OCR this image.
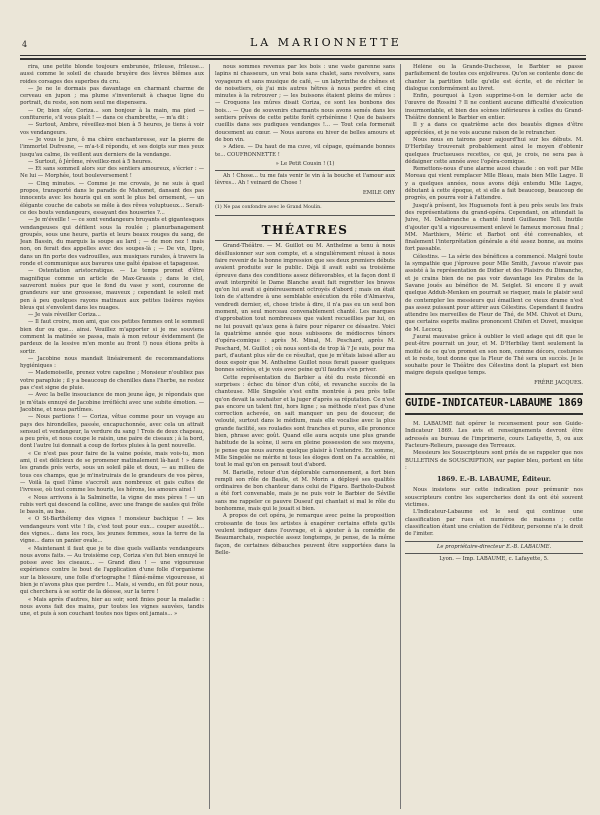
4	LA MARIONNETTE

rira, une petite blonde toujours embrunée, frileuse, frileuse... aussi comme le soleil de chaude bruyère des lèvres blêmes aux roides corsages des superbes du cru.

— Je ne le dormais pas davantage en charmant charme de cerveau en jupon ; ma plume s'inventerait à chaque ligne du portrait, du reste, son nom seul me dispensera.

— Or, bien sûr, Coriza... son bonjour à la main, ma pied — confiturerie, s'il vous plaît ! — dans ce chambrette, — m'a dit :

— Surtout, Ambre, réveillez-moi bien à 5 heures, je tiens à voir vos vendangeurs.

— Je vous le jure, ô ma chère enchanteresse, sur la pierre de l'immortel Dufresne, — m'a-t-il répondu, et ses doigts sur mes yeux jusqu'au calme, ils veillent aux derniers de la vendange.

— Surtout, ô Jérôme, réveillez-moi à 5 heures.

— Et sans sommeil alors sur des sentiers amoureux, s'écrier : — Ne lui — Morphée, tout bouleversement !

— Cinq minutes. — Comme je me crovais, je ne suis à quel propos, transporté dans le paradis de Mahomet, dansant des pas innocents avec les houris qui en sont le plus bel ornement, — un élégante couche de cabots se mêle à des rêves voluptueux... Serait-ce des bouts vendangeurs, essayant des houseries ?...

— Je m'éveille ! — ce sont vendangeurs bruyants et gigantesques vendangeuses qui défilent sous la roulée ; planurbanagement groupés, sous une heure, partis et leurs beaux rouges du sang, de Jean Bassin, du marquis la soupe au lard ; — de mon nez ! mais non, on ferait des appelles avec des soupes-là ; — De vin, Ilpre, dans un fin porte des vadrouilles, aux musiques rurales, à travers la ronde et communique aux bavures une gaîté épaisse et tapageuse.

— Ostentation aristocratique. — Le temps promet d'être magnifique comme un article de Max-Grassis ; dans le ciel, sauveront nuées pur que le fond du vase y sont, couronne de grandeurs sur une grossesse, mauveux ; cependant le soleil met pen à peu quelques rayons matinaux aux petites lisières rayées bleus qui s'envolent dans les nuages.

— Je vais réveiller Coriza...

— Il faut croire, mon ami, que ces petites femmes ont le sommeil bien dur ou que... ainsi. Veuillez m'apporter si je me souviens comment la matinée se passa, mais à mon retour évidemment (le pardeux de la lessive m'en monte au front !) nous étions prêts à sortir.

— Jacobine nous mandait linéairement de recommandations hygiéniques :

— Mademoiselle, prenez votre capeline ; Monsieur n'oubliez pas votre parapluie ; il y a beaucoup de chenilles dans l'herbe, ne restez pas c'est signe de pluie.

— Avec la belle insouciance de mon jeune âge, je répondais que je m'étais ennuyé de Jacobine irréfléchi avec une subite émotion. — Jacobine, et nous partîmes.

— Nous partions ! — Coriza, vêtue comme pour un voyage au pays des hirondelles, passée, encapuchonnée, avec cela un attrait sensuel et vendangeur, la verdure du sang ! Trois de deux chapeau, a peu près, et nous coupe le raisin, une paire de ciseaux ; à la bord, dont l'autre lui donnait a coup de fortes pluies à la gent nouvelle.

« Ce n'est pas pour faire de la vaine poésie, mais vois-tu, mon ami, il est délicieux de se promener matinalement là-haut ! » dans les grands prés verts, sous un soleil pâle et doux, — au milieu de tous ces champs, que je m'instruirais de le grandeurs de vos pères, — Voilà la quel l'âme s'accroît aux nombreux et gais cultes de l'ivresse, où tout comme les houris, les hérons, les amours ainsi !

« Nous arrivons à la Salminette, la vigne de mes pères ! — un rubis vert qui descend la colline, avec une frange de saules qui frôle le bassin, au bas.

« O St-Barthélemy des vignes ! monsieur bachique ! — les vendangeurs vont vite ! ils, c'est tout pour eux... couper aussitôt... des vignes... dans les rocs, les jeunes femmes, sous la terre de la vigne... dans un panier ovale...

« Maintenant il faut que je te dise quels vaillants vendangeurs nous avons faits. — Au troisième cep, Coriza s'en fut bien ennuyé le poisse avec les ciseaux... — Grand dieu ! — une vigoureuse expérience contre le bout de l'application d'une folle d'organisme sur la blessure, une folle d'ortographe ! flâné-même vigoureuse, si bien je n'avons plus que perdre !... Mais, si vendu, en fût pour nous, qui cherchera à se sortir de la déesse, sur la terre !

« Mais après d'autres, hier au soir, sont finies pour la maladie : nous avons fait des mains, pur toutes les vignes sauvées, tandis une, et puis à son couchant toutes nos tiges ont jamais... »

nous sommes revenus par les bois : une vaste garenne sans lapins ni chasseurs, un vrai bois sans chalet, sans revolvers, sans voyageurs et sans musique de café, — un labyrinthe de chênes et de noisetiers, où j'ai mis autres hêtres à nous perdre et cinq minutes à la retrouver ; — les buissons étaient pleins de mûres : — Croquons les mûres disait Coriza, ce sont les bonbons des bois... — Que de souvenirs charmants nous avons semés dans les sentiers prêves de cette petite forêt cyrhérénne ! Que de baisers cueillis dans ses pudiques vendanges !... — Tout cela formerait doucement au cœur. — Nous aurons eu hiver de belles amours et de bon vin.

» Adieu. — Du haut de ma cuve, vil cépage, quémande bonnes te... COUFRONNETTE !

» Le Petit Cousin ! (1)

Ah ! Chose... tu me fais venir le vin à la bouche et l'amour aux lèvres... Ah ! veinard de Chose !

EMILE ORY
(1) Ne pas confondre avec le Grand Moulin.
THÉATRES

Grand-Théâtre. — M. Guillot ou M. Anthelme a tenu à nous désillusionner sur son compte, et a singulièrement réussi à nous faire revenir de la bonne impression que ses deux premiers débuts avaient produite sur le public. Déjà il avait subi sa troisième épreuve dans des conditions assez défavorables, et la façon dont il avait interprété le Dame Blanche avait fait regretter les bravos qu'on lui avait si généreusement octroyés d'abord ; mais on était loin de s'attendre à une semblable exécution du rôle d'Almaviva, vendredi dernier, et, chose triste à dire, il n'a pas eu un seul bon moment, un seul morceau convenablement chanté. Les marques d'approbation tout nombreuses que valent recueillies par lui, on ne lui pouvait qu'aux gens à faire pour réparer ce désastre. Voici la quatrième année que nous subissons de médiocres ténors d'opéra-comique : après M. Minal, M. Peschard, après M. Peschard, M. Guillot ; où nous sont-ils de trop là ? Je suis, pour ma part, d'autant plus sûr de ce résultat, que je m'étais laissé aller au doux espoir que M. Anthelme Guillot nous ferait passer quelques bonnes soirées, et je vois avec peine qu'il faudra s'en priver.

Cette représentation du Barbier a été du reste fécondé en surprises : échec du ténor d'un côté, et revanche succès de la chanteuse. Mlle Singelée s'est enfin montrée à peu près telle qu'on devait la souhaiter et la juger d'après sa réputation. Ce n'est pas encore un talent fini, hors ligne ; sa méthode n'est pas d'une correction achevée, on sait manquer un peu de douceur, de velouté, surtout dans le médium, mais elle vocalise avec la plus grande facilité, ses roulades sont franches et pures, elle prononce bien, phrase avec goût. Quand elle aura acquis une plus grande habitude de la scène, il sera en pleine possession de ses moyens, je pense que nous aurons quelque plaisir à l'entendre. En somme, Mlle Singelée ne mérite ni tous les éloges dont on l'a accablée, ni tout le mal qu'on en pensait tout d'abord.

M. Barielle, retour d'un déplorable carnonnement, a fort bien rempli son rôle de Basile, et M. Morin a déployé ses qualités ordinaires de bon chanteur dans celui de Figaro. Bartholo-Dubost a été fort convenable, mais je ne puis voir le Barbier de Séville sans me rappeler ce pauvre Duseuf qui chantait si mal le rôle du bonhomme, mais qui le jouait si bien.

A propos de cet opéra, je remarque avec peine la proposition croissante de tous les artistes à exagérer certains effets qu'ils veulent indiquer dans l'ouvrage, et à ajouter à la comédie de Beaumarchais, respectée assez longtemps, je pense, de la même façon, de certaines débauches peuvent être supportées dans la Belle-

Hélène ou la Grande-Duchesse, le Barbier se passe parfaitement de toutes ces enjolivures. Qu'on se contente donc de chanter la partition telle qu'elle est écrite, et de réciter le dialogue conformément au livret.

Enfin, pourquoi à Lyon supprime-t-on le dernier acte de l'œuvre de Rossini ? Il ne contient aucune difficulté d'exécution insurmontable, et bien des scènes inférieures à celles du Grand-Théâtre donnent le Barbier en entier.

Il y a dans ce quatrième acte des beautés dignes d'être appréciées, et je ne vois aucune raison de le retrancher.

Nous nous en tairons pour aujourd'hui sur les débuts. M. D'Herbilay trouverait probablement ainsi le moyen d'obtenir quelques fructueuses recettes, ce qui, je crois, ne sera pas à dédaigner cette année avec l'opéra-comique.

Remettons-nous d'une alarme aussi chaude : on voit par Mlle Moreau qui vient remplacer Mlle Bleau, mais bien Mlle Lagye. Il y a quelques années, nous avons déjà entendu Mlle Lagye, débutant à cette époque, et si elle a fait beaucoup, beaucoup de progrès, en pourra voir à l'attendre.

Jusqu'à présent, les Huguenots font à peu près seuls les frais des représentations du grand-opéra. Cependant, on attendait la Juive, M. Delabranche a chanté lundi Guillaume Tell. Inutile d'ajouter qu'il a vigoureusement enlevé le fameux morceau final ; MM. Marthiers, Méric et Barbot ont été convenables, et finalement l'interprétation générale a été assez bonne, au moins fort passable.

Célestins. — La série des bénéfices a commencé. Malgré toute la sympathie que j'éprouve pour Mlle Smith, j'avoue n'avoir pas assisté à la représentation de Didier et des Plaisirs du Dimanche, et je crains bien de ne pas voir davantage les Pirates de la Savane joués au bénéfice de M. Seiglet. Si encore il y avait quelque Adduh-Menken en pourrait se risquer, mais le plaisir seul de contempler les messieurs qui émaillent ce vieux drame n'est pas assez puissant pour attirer aux Célestins. Cependant il faudra attendre les merveilles de Fleur de Thé, de MM. Chivot et Duru, que certains esprits malins prononcent Chifen et Duvet, musique de M. Lecocq.

J'aurai mauvaise grâce à oublier le vieil adage qui dit que le peut-être pourrait un jour, et M. D'Herbilay tient seulement la moitié de ce qu'on promet en son nom, comme décors, costumes et le reste, tout donne que la Fleur de Thé sera un succès. Je le souhaite pour le Théâtre des Célestins dont la plupart est bien maigre depuis quelque temps.

FRÈRE JACQUES.
GUIDE-INDICATEUR-LABAUME 1869

M. LABAUME fait opérer le recensement pour son Guide-Indicateur 1869. Les avis et renseignements devront être adressés au bureau de l'imprimerie, cours Lafayette, 5, ou aux Facteurs-Relieurs, passage des Terreaux.

Messieurs les Souscripteurs sont priés de se rappeler que nos BULLETINS de SOUSCRIPTION, sur papier bleu, portent en tête :

1869. E.-B. LABAUME, Éditeur.

Nous insistons sur cette indication pour prémunir nos souscripteurs contre les supercheries dont ils ont été souvent victimes.

L'Indicateur-Labaume est le seul qui continue une classification par rues et numéros de maisons ; cette classification étant une création de l'éditeur, personne n'a le droit de l'imiter.

Le propriétaire-directeur E.-B. LABAUME.
Lyon. — Imp. LABAUME, c. Lafayette, 5.
